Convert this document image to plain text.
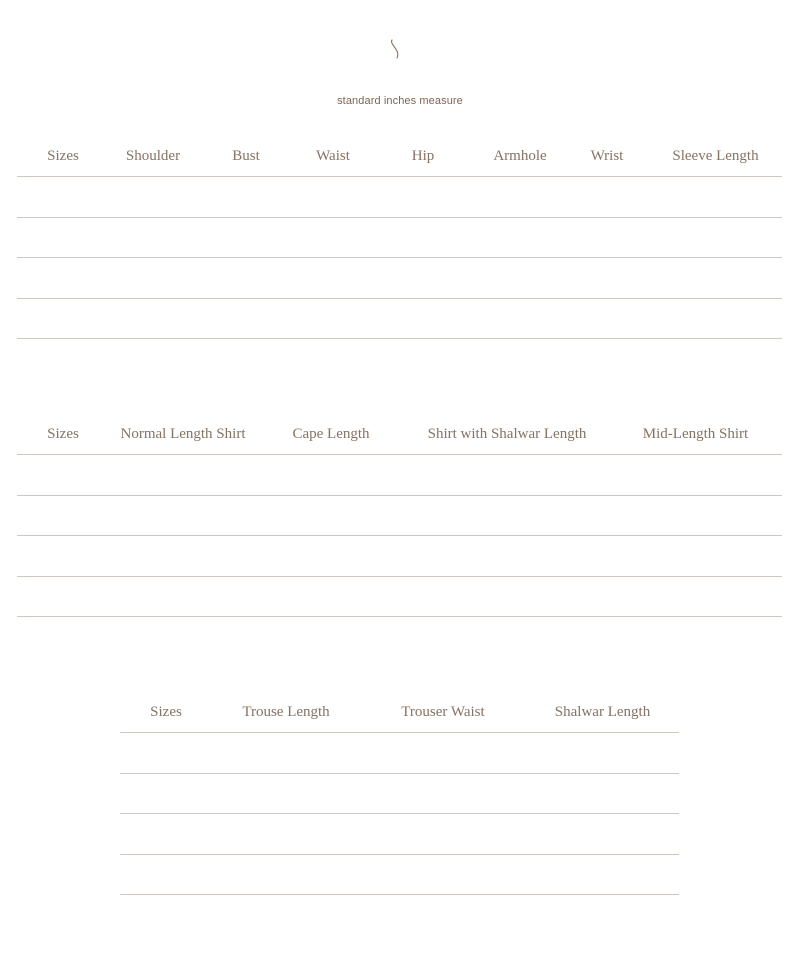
standard inches measure
Sizes	Shoulder	Bust	Waist	Hip	Armhole	Wrist	Sleeve Length

Sizes	Normal Length Shirt	Cape Length	Shirt with Shalwar Length	Mid-Length Shirt

Sizes	Trouse Length	Trouser Waist	Shalwar Length
